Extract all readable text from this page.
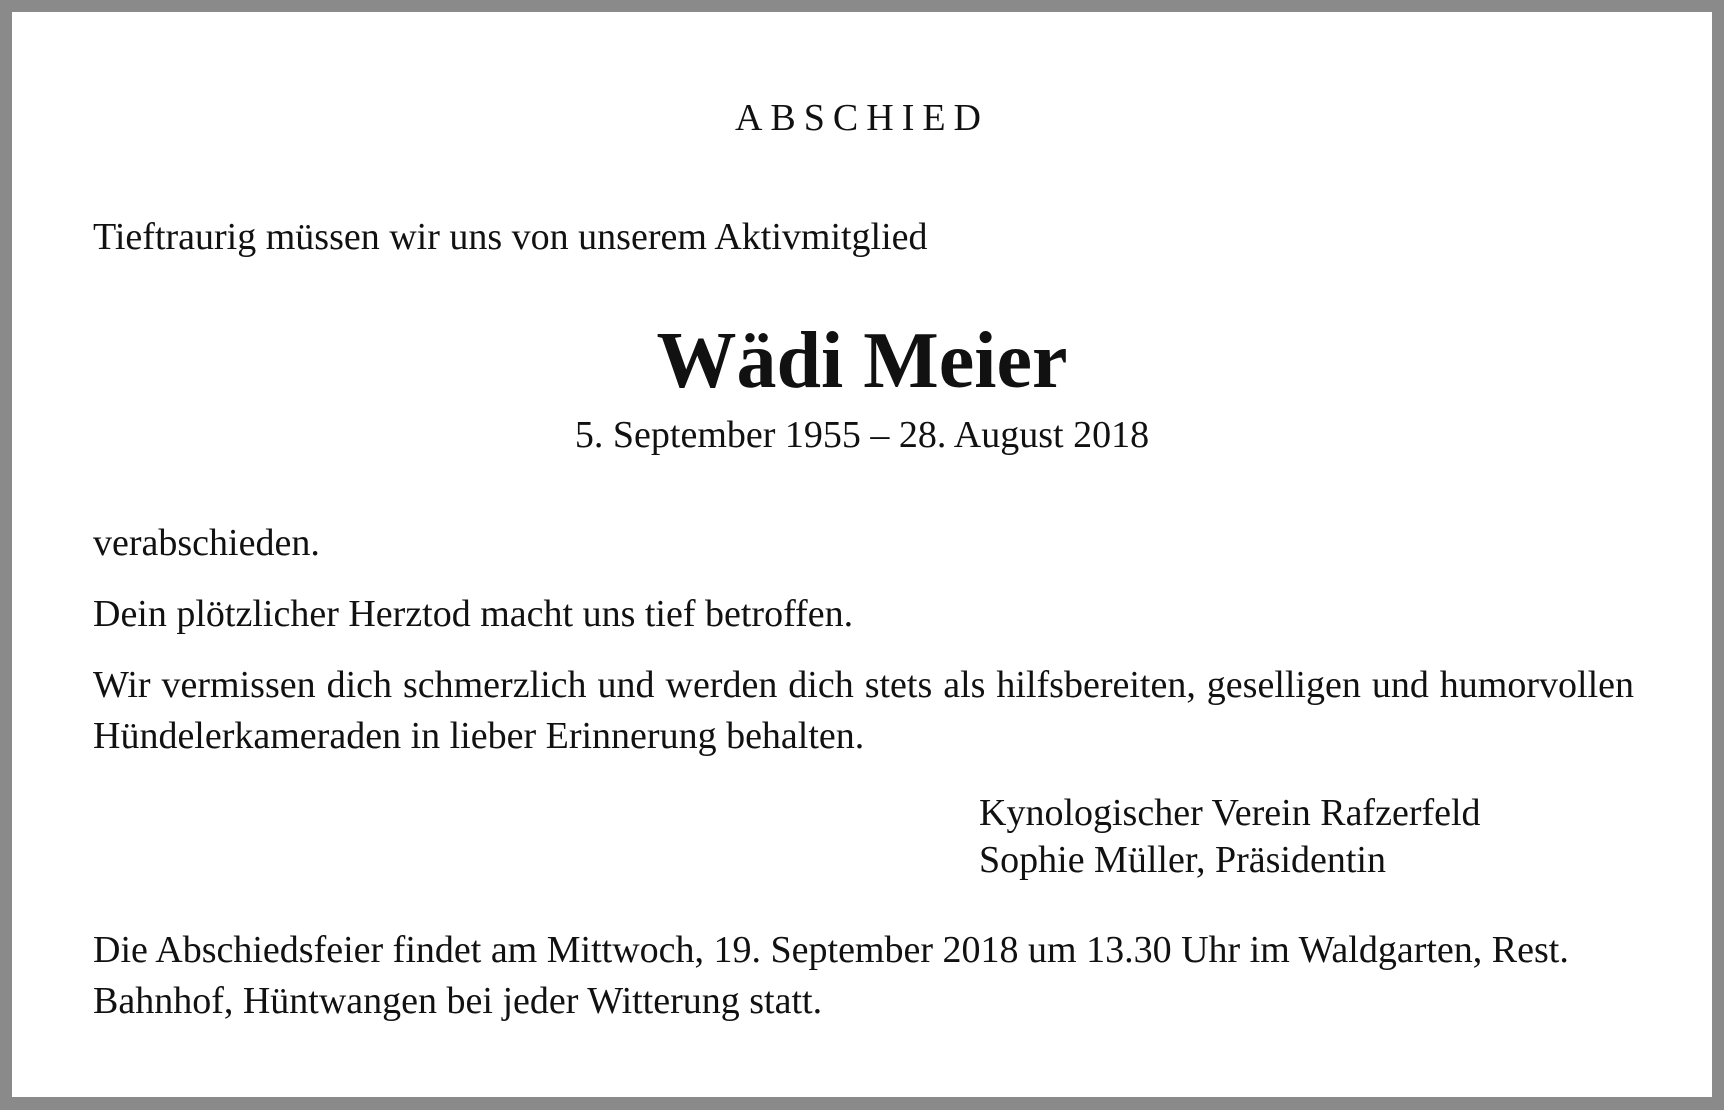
ABSCHIED
Tieftraurig müssen wir uns von unserem Aktivmitglied
Wädi Meier
5. September 1955 – 28. August 2018
verabschieden.
Dein plötzlicher Herztod macht uns tief betroffen.
Wir vermissen dich schmerzlich und werden dich stets als hilfsbereiten, geselligen und humorvollen Hündelerkameraden in lieber Erinnerung behalten.
Kynologischer Verein Rafzerfeld
Sophie Müller, Präsidentin
Die Abschiedsfeier findet am Mittwoch, 19. September 2018 um 13.30 Uhr im Waldgarten, Rest. Bahnhof, Hüntwangen bei jeder Witterung statt.
